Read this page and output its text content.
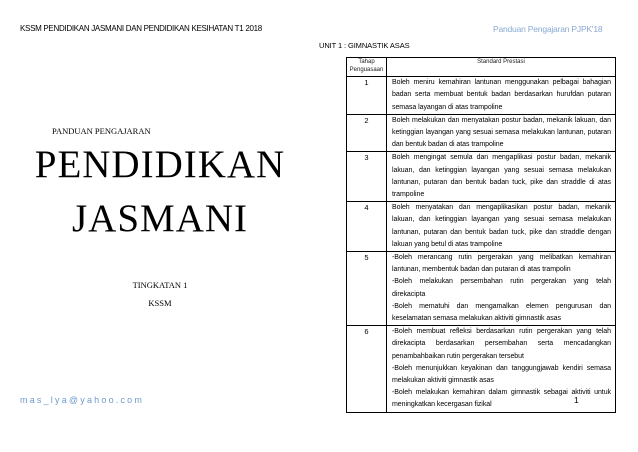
KSSM PENDIDIKAN JASMANI DAN PENDIDIKAN KESIHATAN T1 2018	Panduan Pengajaran PJPK'18
PANDUAN PENGAJARAN
PENDIDIKAN
JASMANI
TINGKATAN 1
KSSM
UNIT 1 : GIMNASTIK ASAS
Tahap Penguasaan	Standard Prestasi
1	Boleh meniru kemahiran lantunan menggunakan pelbagai bahagian badan serta membuat bentuk badan berdasarkan hurufdan putaran semasa layangan di atas trampoline

2	Boleh melakukan dan menyatakan postur badan, mekanik lakuan, dan ketinggian layangan yang sesuai semasa melakukan lantunan, putaran dan bentuk badan di atas trampoline

3	Boleh mengingat semula dan mengaplikasi postur badan, mekanik lakuan, dan ketinggian layangan yang sesuai semasa melakukan lantunan, putaran dan bentuk badan tuck, pike dan straddle di atas trampoline

4	Boleh menyatakan dan mengaplikasikan postur badan, mekanik lakuan, dan ketinggian layangan yang sesuai semasa melakukan lantunan, putaran dan bentuk badan tuck, pike dan straddle dengan lakuan yang betul di atas trampoline

5	-Boleh merancang rutin pergerakan yang melibatkan kemahiran lantunan, membentuk badan dan putaran di atas trampolin
-Boleh melakukan persembahan rutin pergerakan yang telah direkacipta
-Boleh mematuhi dan mengamalkan elemen pengurusan dan keselamatan semasa melakukan aktiviti gimnastik asas

6	-Boleh membuat refleksi berdasarkan rutin pergerakan yang telah direkacipta berdasarkan persembahan serta mencadangkan penambahbaikan rutin pergerakan tersebut
-Boleh menunjukkan keyakinan dan tanggungjawab kendiri semasa melakukan aktiviti gimnastik asas
-Boleh melakukan kemahiran dalam gimnastik sebagai aktiviti untuk meningkatkan kecergasan fizikal
mas_lya@yahoo.com	1
